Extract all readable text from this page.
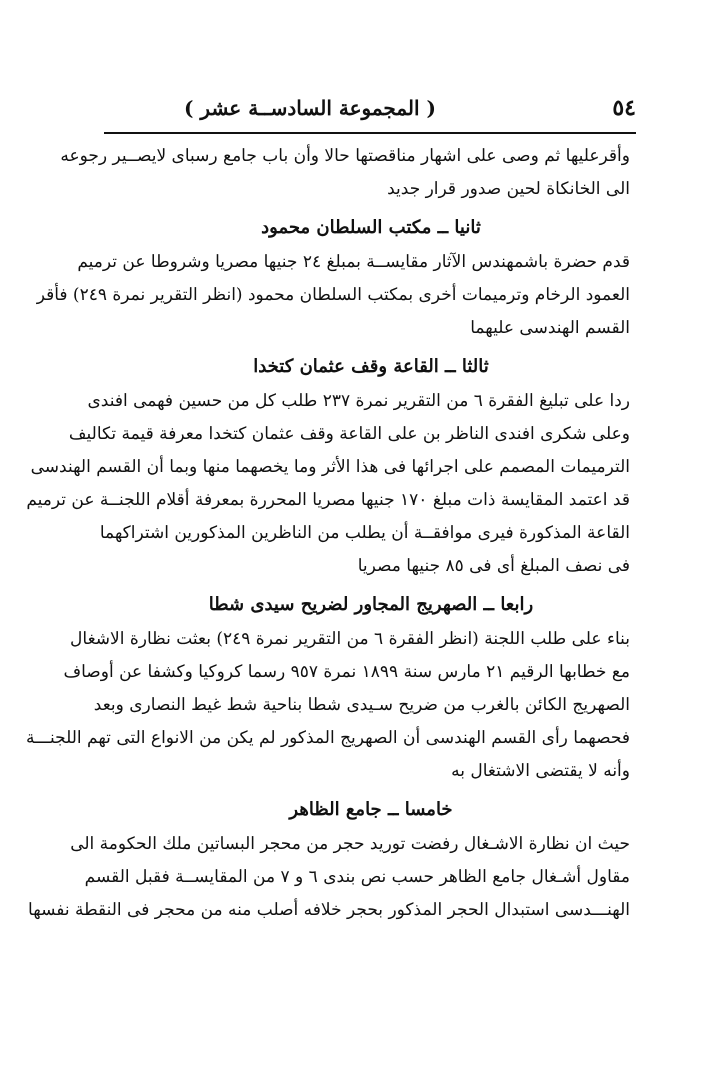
٥٤
( المجموعة السادســة عشر )
وأقرعليها ثم وصى على اشهار مناقصتها حالا وأن باب جامع رسباى لايصــير رجوعه
الى الخانكاة لحين صدور قرار جديد
ثانيا ــ مكتب السلطان محمود
قدم حضرة باشمهندس الآثار مقايســة بمبلغ ٢٤ جنيها مصريا وشروطا عن ترميم
العمود الرخام وترميمات أخرى بمكتب السلطان محمود (انظر التقرير نمرة ٢٤٩) فأقر
القسم الهندسى عليهما
ثالثا ــ القاعة وقف عثمان كتخدا
ردا على تبليغ الفقرة ٦ من التقرير نمرة ٢٣٧ طلب كل من حسين فهمى افندى
وعلى شكرى افندى الناظر بن على القاعة وقف عثمان كتخدا معرفة قيمة تكاليف
الترميمات المصمم على اجرائها فى هذا الأثر وما يخصهما منها وبما أن القسم الهندسى
قد اعتمد المقايسة ذات مبلغ ١٧٠ جنيها مصريا المحررة بمعرفة أقلام اللجنــة عن ترميم
القاعة المذكورة فيرى موافقــة أن يطلب من الناظرين المذكورين اشتراكهما
فى نصف المبلغ أى فى ٨٥ جنيها مصريا
رابعا ــ الصهريج المجاور لضريح سيدى شطا
بناء على طلب اللجنة (انظر الفقرة ٦ من التقرير نمرة ٢٤٩) بعثت نظارة الاشغال
مع خطابها الرقيم ٢١ مارس سنة ١٨٩٩ نمرة ٩٥٧ رسما كروكيا وكشفا عن أوصاف
الصهريج الكائن بالغرب من ضريح سـيدى شطا بناحية شط غيط النصارى وبعد
فحصهما رأى القسم الهندسى أن الصهريج المذكور لم يكن من الانواع التى تهم اللجنـــة
وأنه لا يقتضى الاشتغال به
خامسا ــ جامع الظاهر
حيث ان نظارة الاشـغال رفضت توريد حجر من محجر البساتين ملك الحكومة الى
مقاول أشـغال جامع الظاهر حسب نص بندى ٦ و ٧ من المقايســة فقبل القسم
الهنـــدسى استبدال الحجر المذكور بحجر خلافه أصلب منه من محجر فى النقطة نفسها
